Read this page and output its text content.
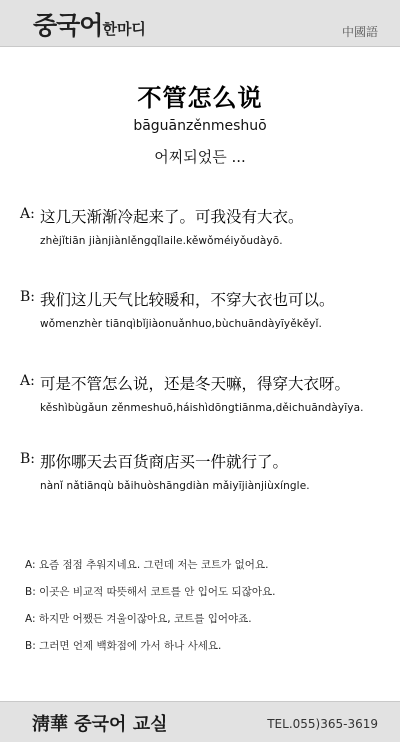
중국어한마디	中國語
不管怎么说
bāguānzěnmeshuō
어찌되었든 ...
A: 这几天渐渐冷起来了。可我没有大衣。
zhèjǐtiān jiànjiànlěngqǐlaile.kěwǒméiyǒudàyō.
B: 我们这儿天气比较暖和，不穿大衣也可以。
wǒmenzhèr tiānqìbǐjiàonuǎnhuo,bùchuāndàyīyěkěyǐ.
A: 可是不管怎么说，还是冬天嘛，得穿大衣呀。
kěshìbùgǎun zěnmeshuō,háishìdōngtiānma,děichuāndàyīya.
B: 那你哪天去百货商店买一件就行了。
nànǐ nǎtiānqù bǎihuòshāngdiàn mǎiyījiànjiùxíngle.
A: 요즘 점점 추워지네요. 그런데 저는 코트가 없어요.
B: 이곳은 비교적 따뜻해서 코트를 안 입어도 되잖아요.
A: 하지만 어쨌든 겨울이잖아요, 코트를 입어야죠.
B: 그러면 언제 백화점에 가서 하나 사세요.
淸華 중국어 교실	TEL.055)365-3619
